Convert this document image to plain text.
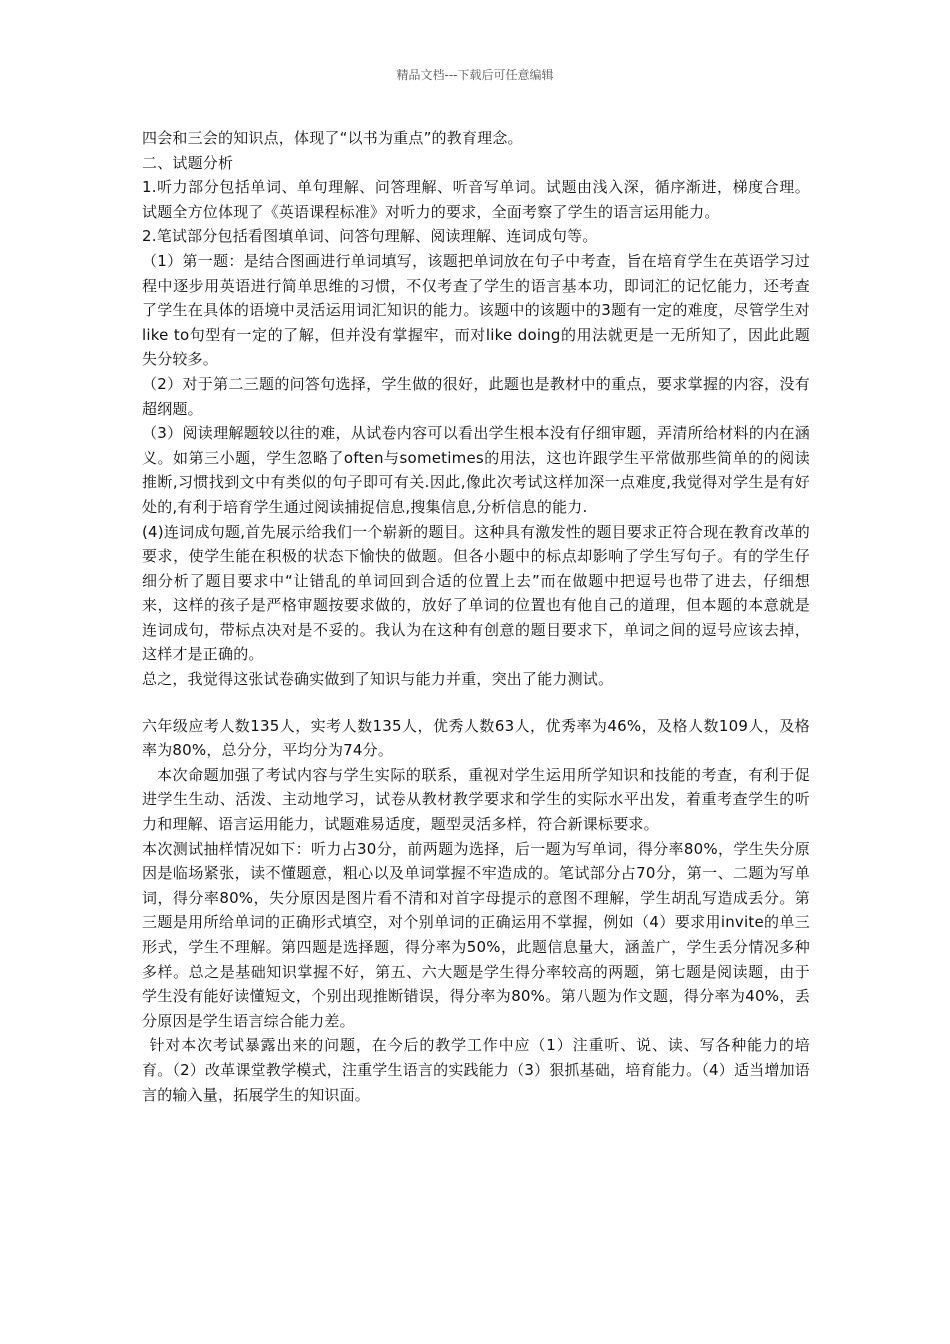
精品文档---下载后可任意编辑

四会和三会的知识点，体现了“以书为重点”的教育理念。

二、试题分析

1.听力部分包括单词、单句理解、问答理解、听音写单词。试题由浅入深，循序渐进，梯度合理。试题全方位体现了《英语课程标准》对听力的要求，全面考察了学生的语言运用能力。

2.笔试部分包括看图填单词、问答句理解、阅读理解、连词成句等。

（1）第一题：是结合图画进行单词填写，该题把单词放在句子中考查，旨在培育学生在英语学习过程中逐步用英语进行简单思维的习惯，不仅考查了学生的语言基本功，即词汇的记忆能力，还考查了学生在具体的语境中灵活运用词汇知识的能力。该题中的该题中的3题有一定的难度，尽管学生对like to句型有一定的了解，但并没有掌握牢，而对like doing的用法就更是一无所知了，因此此题失分较多。

（2）对于第二三题的问答句选择，学生做的很好，此题也是教材中的重点，要求掌握的内容，没有超纲题。

（3）阅读理解题较以往的难，从试卷内容可以看出学生根本没有仔细审题，弄清所给材料的内在涵义。如第三小题，学生忽略了often与sometimes的用法，这也许跟学生平常做那些简单的的阅读推断,习惯找到文中有类似的句子即可有关.因此,像此次考试这样加深一点难度,我觉得对学生是有好处的,有利于培育学生通过阅读捕捉信息,搜集信息,分析信息的能力.

(4)连词成句题,首先展示给我们一个崭新的题目。这种具有激发性的题目要求正符合现在教育改革的要求，使学生能在积极的状态下愉快的做题。但各小题中的标点却影响了学生写句子。有的学生仔细分析了题目要求中“让错乱的单词回到合适的位置上去”而在做题中把逗号也带了进去，仔细想来，这样的孩子是严格审题按要求做的，放好了单词的位置也有他自己的道理，但本题的本意就是连词成句，带标点决对是不妥的。我认为在这种有创意的题目要求下，单词之间的逗号应该去掉，这样才是正确的。

总之，我觉得这张试卷确实做到了知识与能力并重，突出了能力测试。

六年级应考人数135人，实考人数135人，优秀人数63人，优秀率为46%，及格人数109人，及格率为80%，总分分，平均分为74分。

本次命题加强了考试内容与学生实际的联系，重视对学生运用所学知识和技能的考查，有利于促进学生生动、活泼、主动地学习，试卷从教材教学要求和学生的实际水平出发，着重考查学生的听力和理解、语言运用能力，试题难易适度，题型灵活多样，符合新课标要求。

本次测试抽样情况如下：听力占30分，前两题为选择，后一题为写单词，得分率80%，学生失分原因是临场紧张，读不懂题意，粗心以及单词掌握不牢造成的。笔试部分占70分，第一、二题为写单词，得分率80%，失分原因是图片看不清和对首字母提示的意图不理解，学生胡乱写造成丢分。第三题是用所给单词的正确形式填空，对个别单词的正确运用不掌握，例如（4）要求用invite的单三形式，学生不理解。第四题是选择题，得分率为50%，此题信息量大，涵盖广，学生丢分情况多种多样。总之是基础知识掌握不好，第五、六大题是学生得分率较高的两题，第七题是阅读题，由于学生没有能好读懂短文，个别出现推断错误，得分率为80%。第八题为作文题，得分率为40%，丢分原因是学生语言综合能力差。

针对本次考试暴露出来的问题，在今后的教学工作中应（1）注重听、说、读、写各种能力的培育。（2）改革课堂教学模式，注重学生语言的实践能力（3）狠抓基础，培育能力。（4）适当增加语言的输入量，拓展学生的知识面。
